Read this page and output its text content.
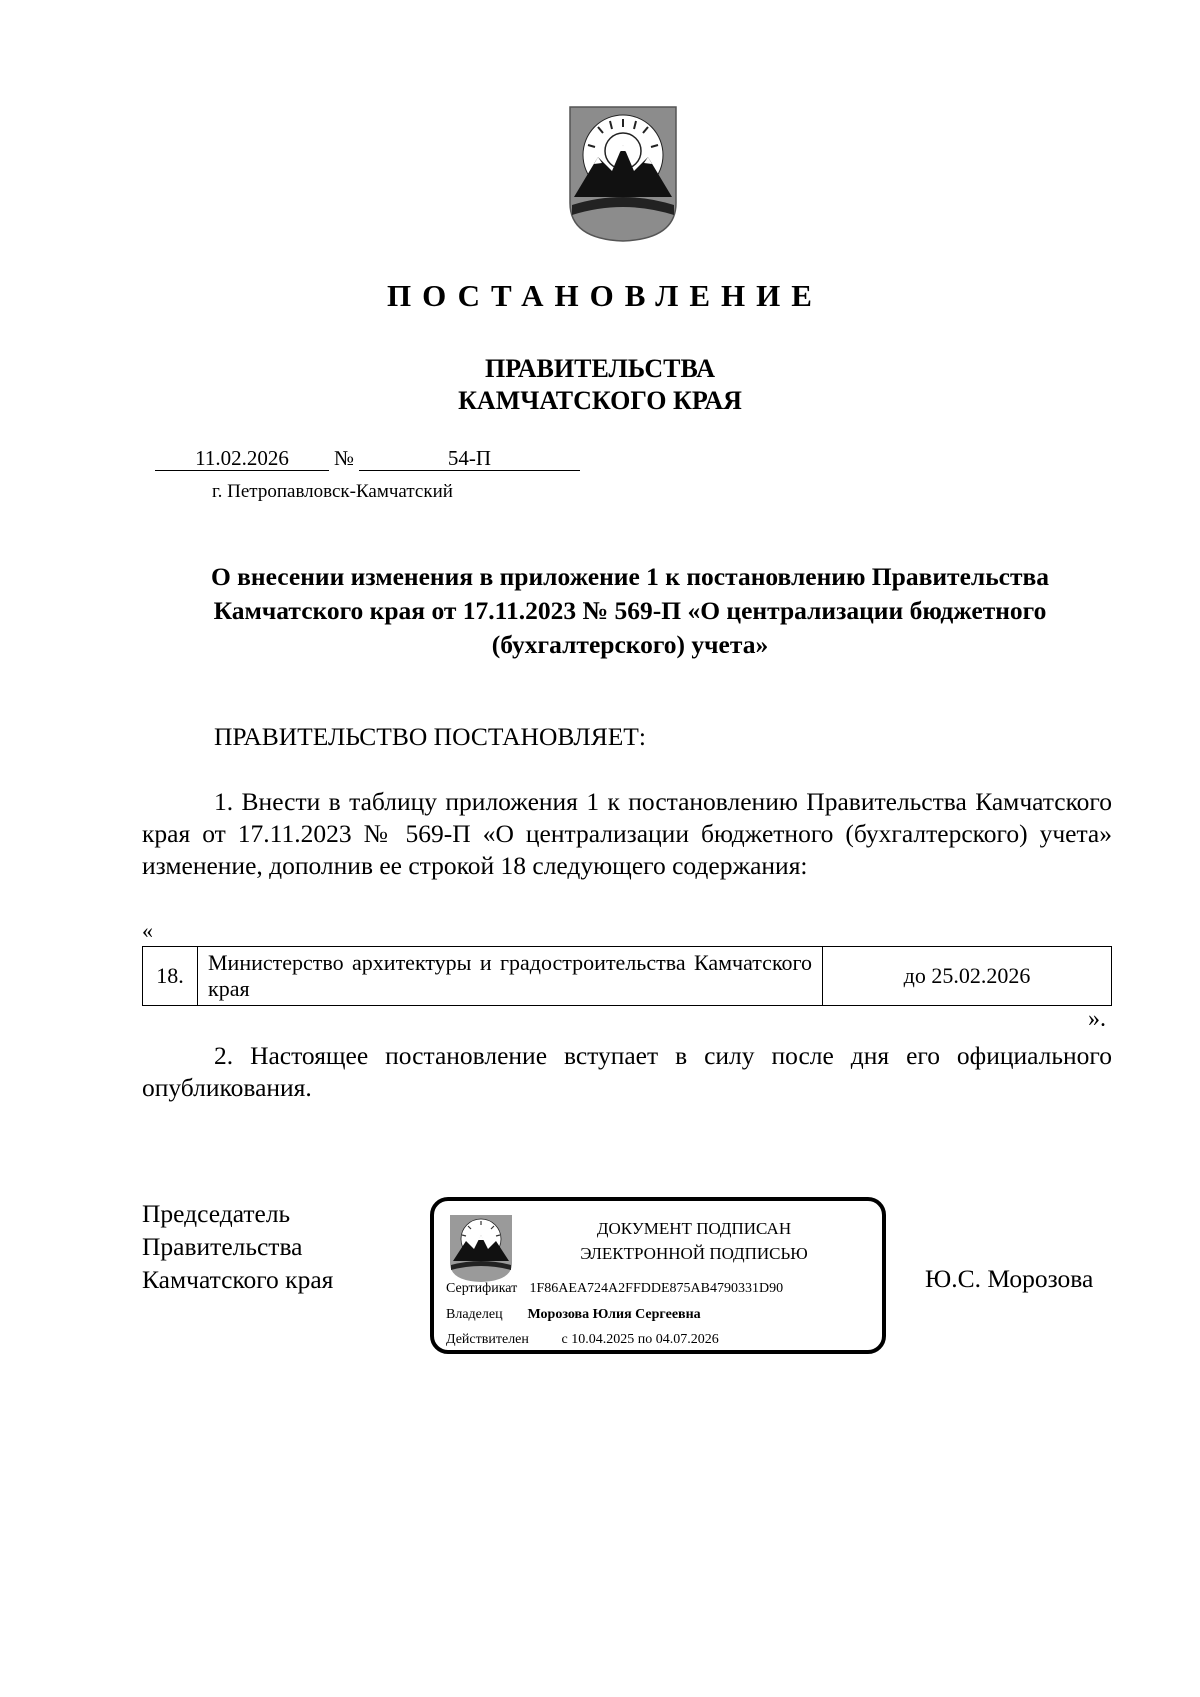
ПОСТАНОВЛЕНИЕ
ПРАВИТЕЛЬСТВА
КАМЧАТСКОГО КРАЯ
11.02.2026	№	54-П
г. Петропавловск-Камчатский
О внесении изменения в приложение 1 к постановлению Правительства Камчатского края от 17.11.2023 № 569-П «О централизации бюджетного (бухгалтерского) учета»
ПРАВИТЕЛЬСТВО ПОСТАНОВЛЯЕТ:
1. Внести в таблицу приложения 1 к постановлению Правительства Камчатского края от 17.11.2023 № 569-П «О централизации бюджетного (бухгалтерского) учета» изменение, дополнив ее строкой 18 следующего содержания:
«
18.	Министерство архитектуры и градостроительства Камчатского края	до 25.02.2026
».
2. Настоящее постановление вступает в силу после дня его официального опубликования.
Председатель
Правительства
Камчатского края
ДОКУМЕНТ ПОДПИСАН
ЭЛЕКТРОННОЙ ПОДПИСЬЮ
Сертификат 1F86AEA724A2FFDDE875AB4790331D90
Владелец Морозова Юлия Сергеевна
Действителен с 10.04.2025 по 04.07.2026
Ю.С. Морозова
